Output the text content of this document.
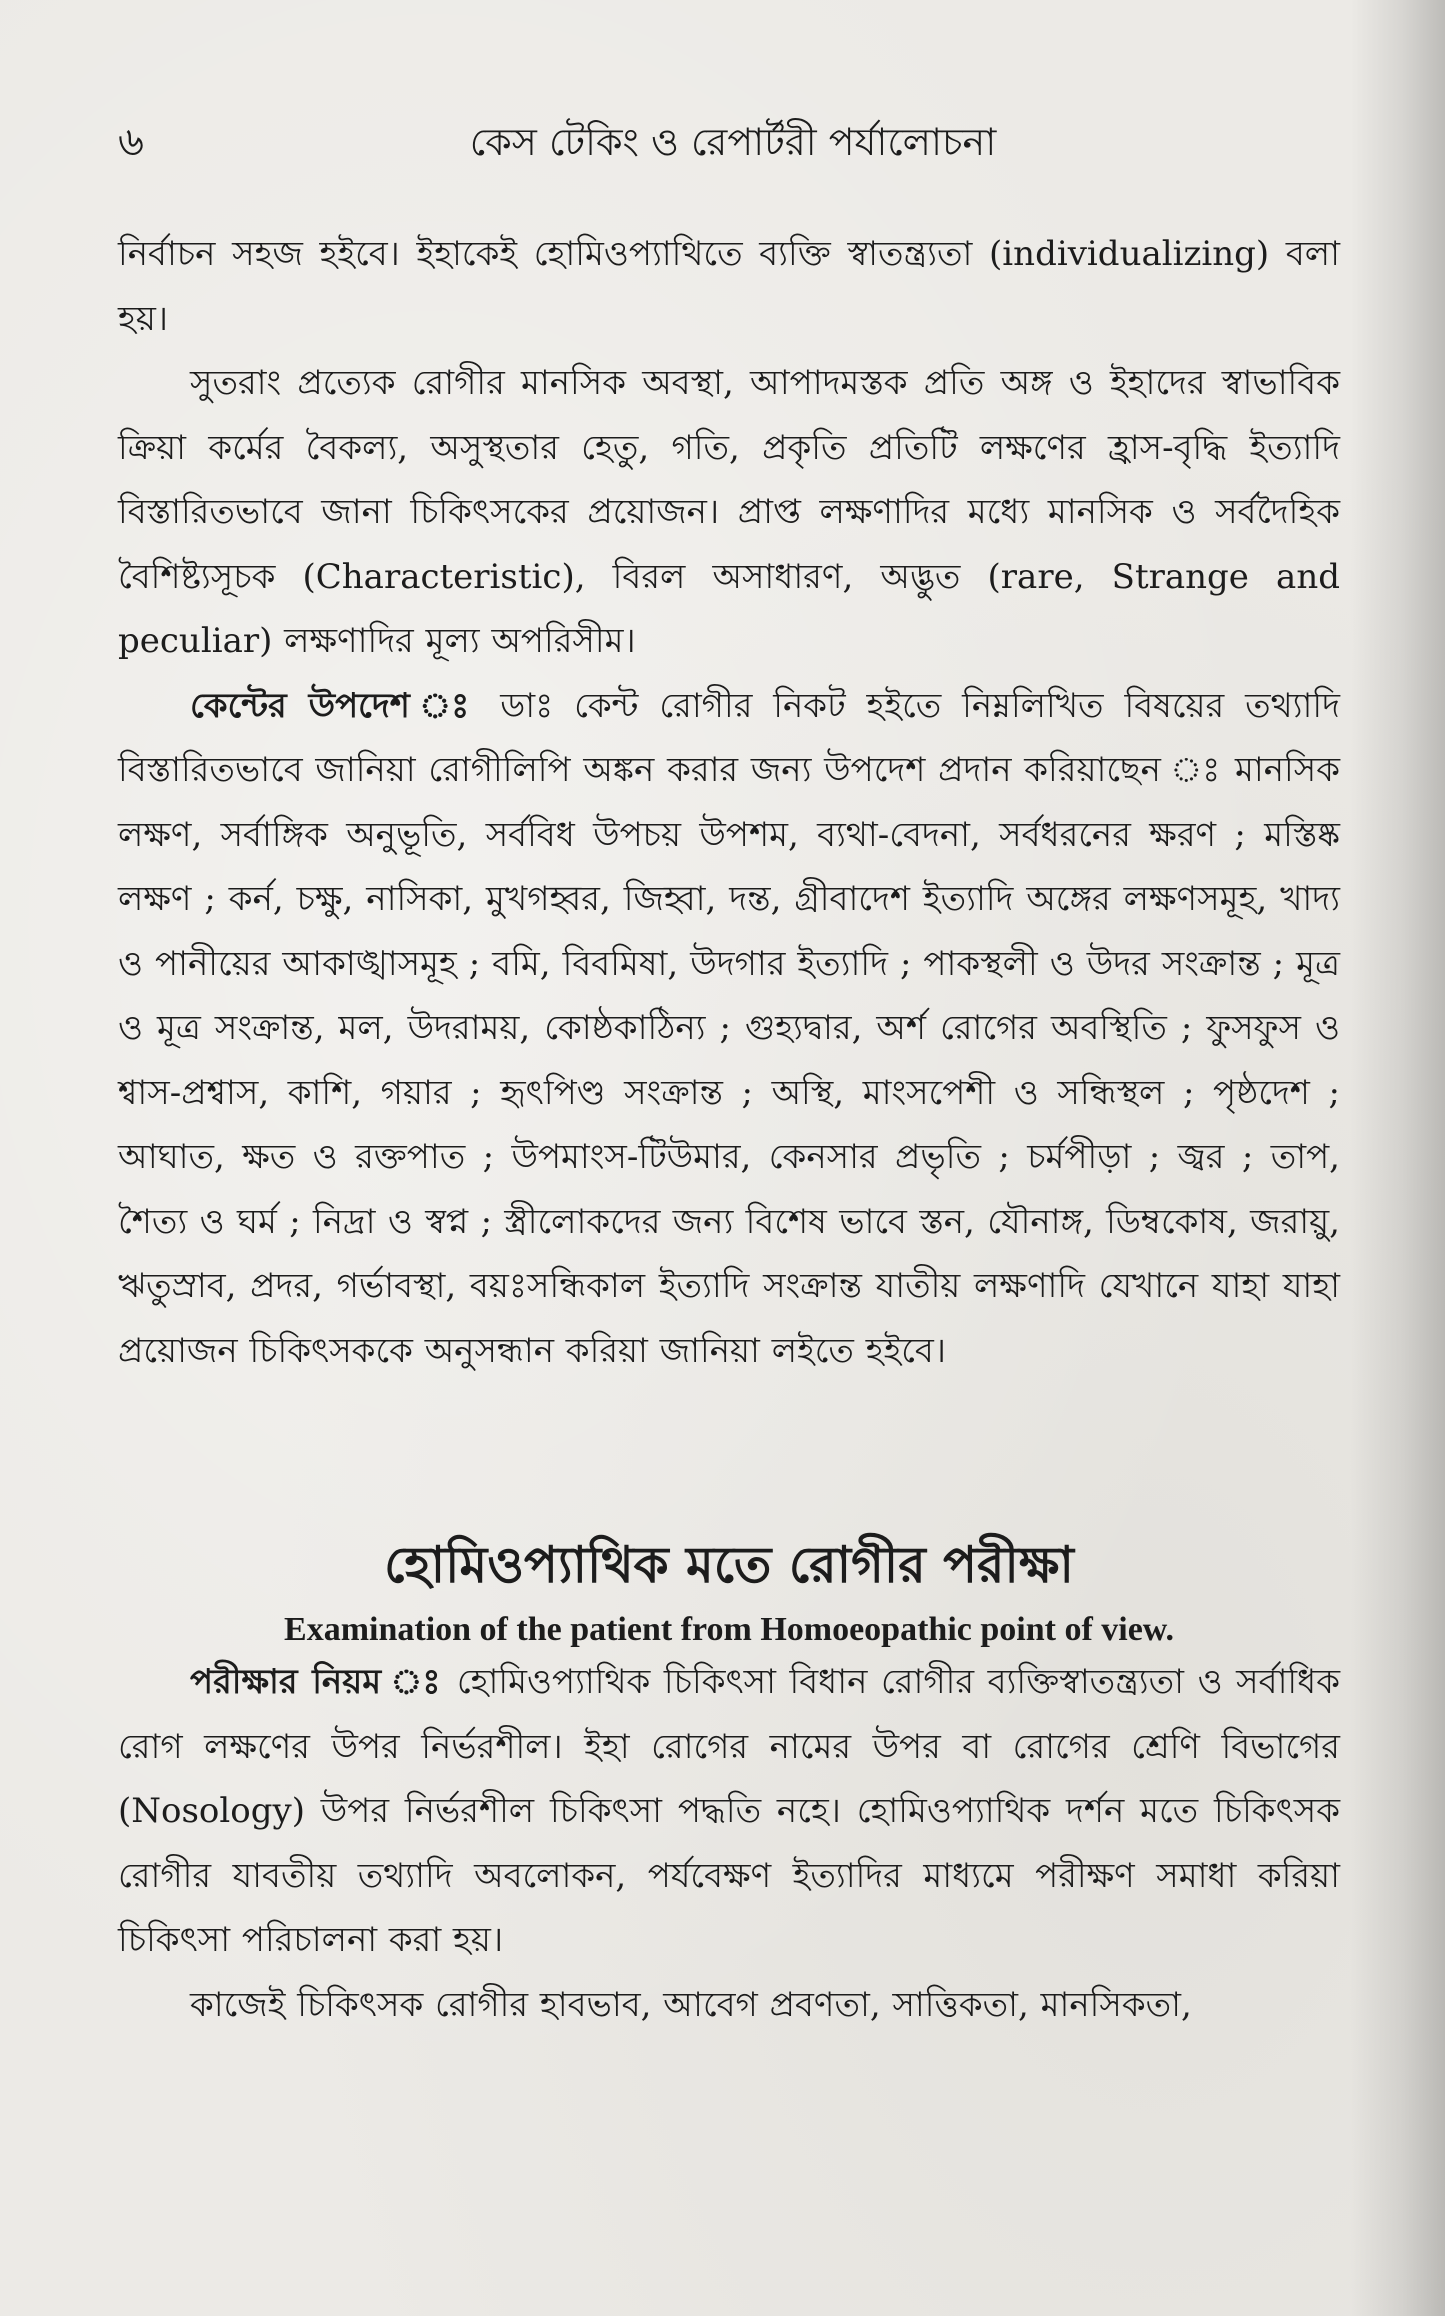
৬	কেস টেকিং ও রেপার্টরী পর্যালোচনা

নির্বাচন সহজ হইবে। ইহাকেই হোমিওপ্যাথিতে ব্যক্তি স্বাতন্ত্র্যতা (individualizing) বলা হয়।

সুতরাং প্রত্যেক রোগীর মানসিক অবস্থা, আপাদমস্তক প্রতি অঙ্গ ও ইহাদের স্বাভাবিক ক্রিয়া কর্মের বৈকল্য, অসুস্থতার হেতু, গতি, প্রকৃতি প্রতিটি লক্ষণের হ্রাস-বৃদ্ধি ইত্যাদি বিস্তারিতভাবে জানা চিকিৎসকের প্রয়োজন। প্রাপ্ত লক্ষণাদির মধ্যে মানসিক ও সর্বদৈহিক বৈশিষ্ট্যসূচক (Characteristic), বিরল অসাধারণ, অদ্ভুত (rare, Strange and peculiar) লক্ষণাদির মূল্য অপরিসীম।

কেন্টের উপদেশ ঃ ডাঃ কেন্ট রোগীর নিকট হইতে নিম্নলিখিত বিষয়ের তথ্যাদি বিস্তারিতভাবে জানিয়া রোগীলিপি অঙ্কন করার জন্য উপদেশ প্রদান করিয়াছেন ঃ মানসিক লক্ষণ, সর্বাঙ্গিক অনুভূতি, সর্ববিধ উপচয় উপশম, ব্যথা-বেদনা, সর্বধরনের ক্ষরণ ; মস্তিষ্ক লক্ষণ ; কর্ন, চক্ষু, নাসিকা, মুখগহ্বর, জিহ্বা, দন্ত, গ্রীবাদেশ ইত্যাদি অঙ্গের লক্ষণসমূহ, খাদ্য ও পানীয়ের আকাঙ্খাসমূহ ; বমি, বিবমিষা, উদগার ইত্যাদি ; পাকস্থলী ও উদর সংক্রান্ত ; মূত্র ও মূত্র সংক্রান্ত, মল, উদরাময়, কোষ্ঠকাঠিন্য ; গুহ্যদ্বার, অর্শ রোগের অবস্থিতি ; ফুসফুস ও শ্বাস-প্রশ্বাস, কাশি, গয়ার ; হৃৎপিণ্ড সংক্রান্ত ; অস্থি, মাংসপেশী ও সন্ধিস্থল ; পৃষ্ঠদেশ ; আঘাত, ক্ষত ও রক্তপাত ; উপমাংস-টিউমার, কেনসার প্রভৃতি ; চর্মপীড়া ; জ্বর ; তাপ, শৈত্য ও ঘর্ম ; নিদ্রা ও স্বপ্ন ; স্ত্রীলোকদের জন্য বিশেষ ভাবে স্তন, যৌনাঙ্গ, ডিম্বকোষ, জরায়ু, ঋতুস্রাব, প্রদর, গর্ভাবস্থা, বয়ঃসন্ধিকাল ইত্যাদি সংক্রান্ত যাতীয় লক্ষণাদি যেখানে যাহা যাহা প্রয়োজন চিকিৎসককে অনুসন্ধান করিয়া জানিয়া লইতে হইবে।

হোমিওপ্যাথিক মতে রোগীর পরীক্ষা
Examination of the patient from Homoeopathic point of view.

পরীক্ষার নিয়ম ঃ হোমিওপ্যাথিক চিকিৎসা বিধান রোগীর ব্যক্তিস্বাতন্ত্র্যতা ও সর্বাধিক রোগ লক্ষণের উপর নির্ভরশীল। ইহা রোগের নামের উপর বা রোগের শ্রেণি বিভাগের (Nosology) উপর নির্ভরশীল চিকিৎসা পদ্ধতি নহে। হোমিওপ্যাথিক দর্শন মতে চিকিৎসক রোগীর যাবতীয় তথ্যাদি অবলোকন, পর্যবেক্ষণ ইত্যাদির মাধ্যমে পরীক্ষণ সমাধা করিয়া চিকিৎসা পরিচালনা করা হয়।

কাজেই চিকিৎসক রোগীর হাবভাব, আবেগ প্রবণতা, সাত্তিকতা, মানসিকতা,
